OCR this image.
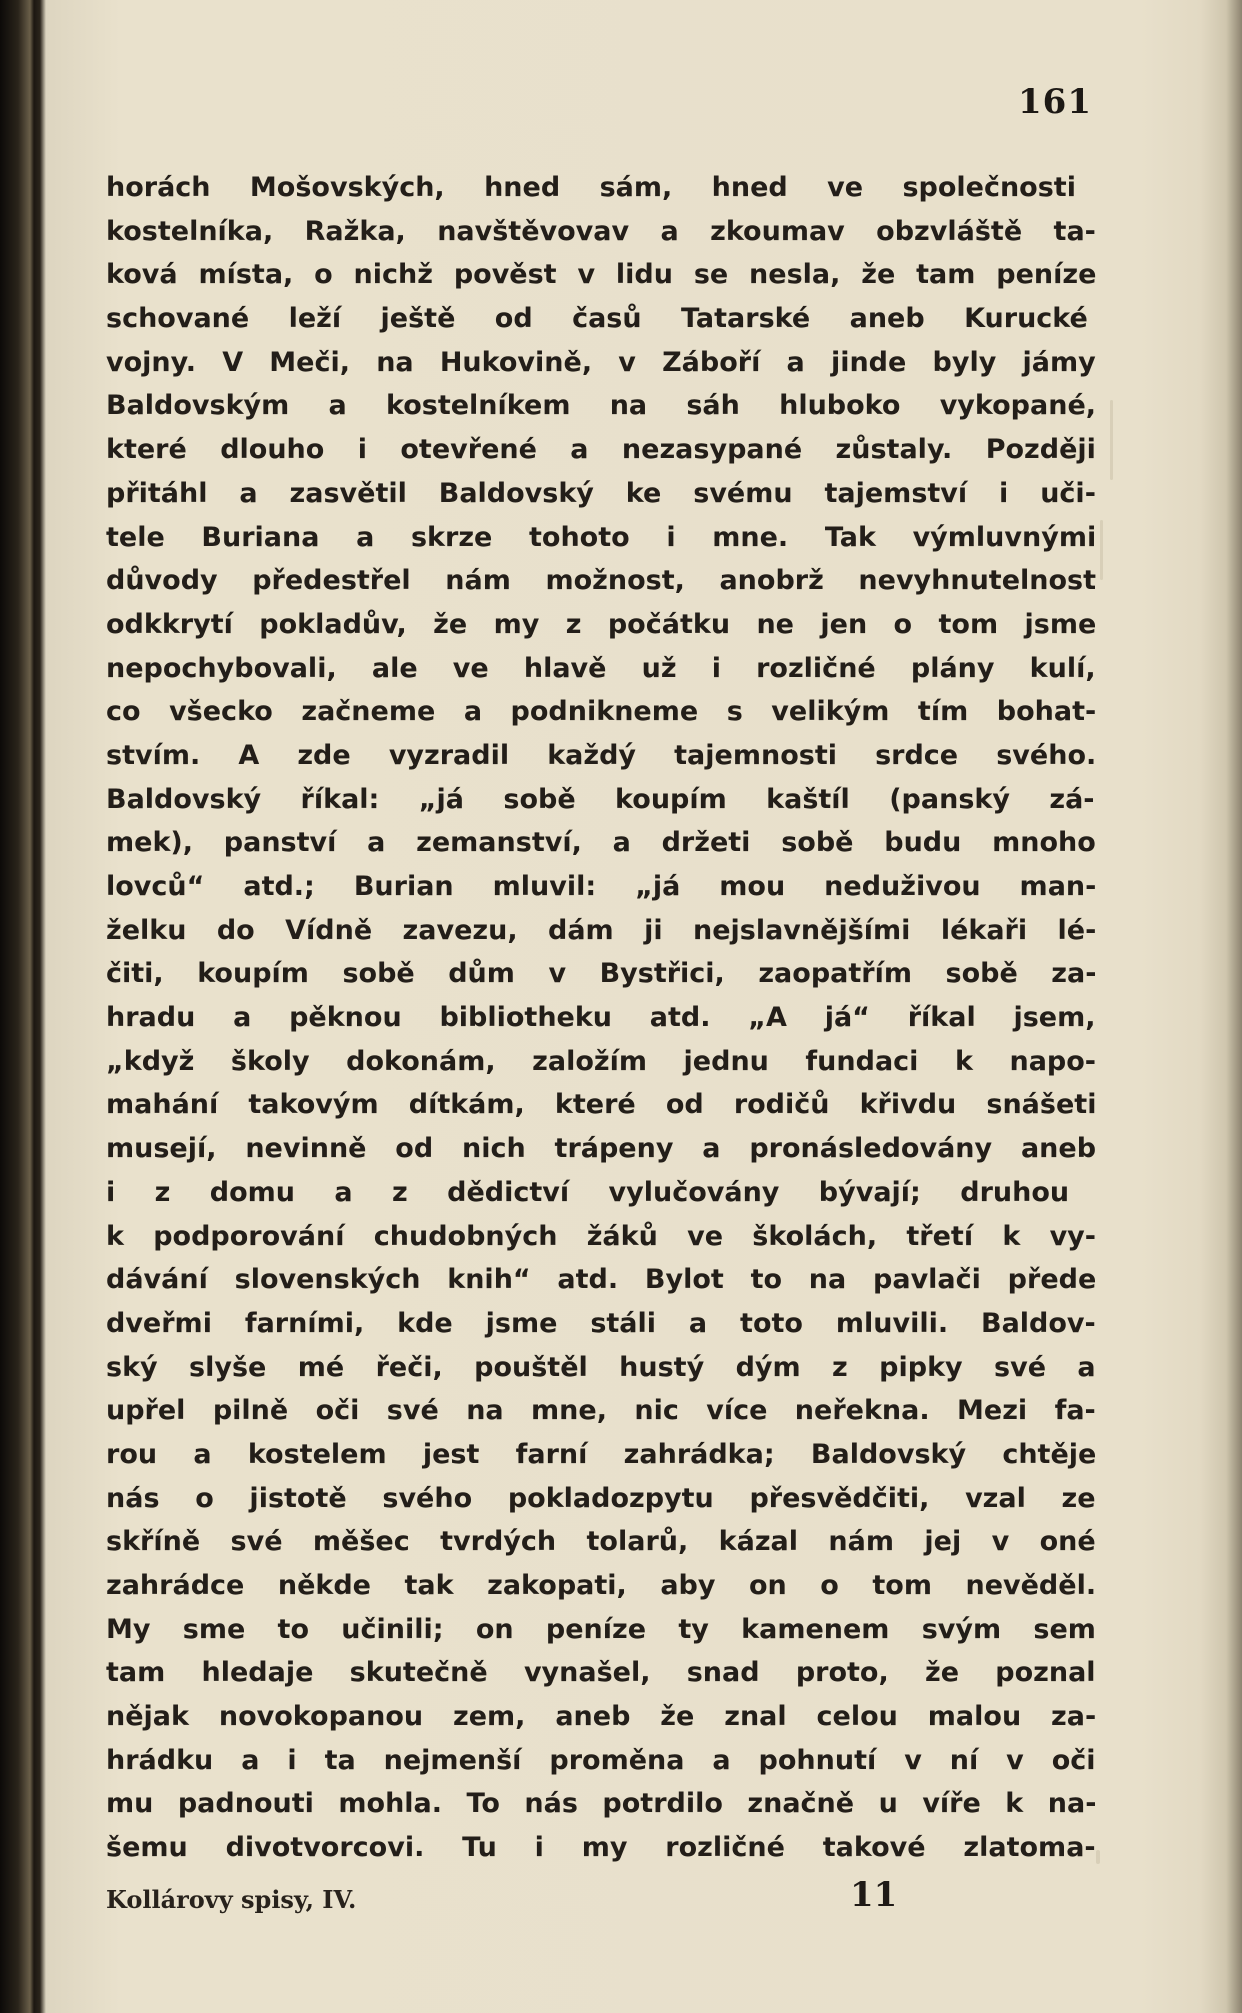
161
horách Mošovských, hned sám, hned ve společnosti
kostelníka, Ražka, navštěvovav a zkoumav obzvláště ta-
ková místa, o nichž pověst v lidu se nesla, že tam peníze
schované leží ještě od časů Tatarské aneb Kurucké
vojny. V Meči, na Hukovině, v Záboří a jinde byly jámy
Baldovským a kostelníkem na sáh hluboko vykopané,
které dlouho i otevřené a nezasypané zůstaly. Později
přitáhl a zasvětil Baldovský ke svému tajemství i uči-
tele Buriana a skrze tohoto i mne. Tak výmluvnými
důvody předestřel nám možnost, anobrž nevyhnutelnost
odkkrytí pokladův, že my z počátku ne jen o tom jsme
nepochybovali, ale ve hlavě už i rozličné plány kulí,
co všecko začneme a podnikneme s velikým tím bohat-
stvím. A zde vyzradil každý tajemnosti srdce svého.
Baldovský říkal: „já sobě koupím kaštíl (panský zá-
mek), panství a zemanství, a držeti sobě budu mnoho
lovců“ atd.; Burian mluvil: „já mou neduživou man-
želku do Vídně zavezu, dám ji nejslavnějšími lékaři lé-
čiti, koupím sobě dům v Bystřici, zaopatřím sobě za-
hradu a pěknou bibliotheku atd. „A já“ říkal jsem,
„když školy dokonám, založím jednu fundaci k napo-
mahání takovým dítkám, které od rodičů křivdu snášeti
musejí, nevinně od nich trápeny a pronásledovány aneb
i z domu a z dědictví vylučovány bývají; druhou
k podporování chudobných žáků ve školách, třetí k vy-
dávání slovenských knih“ atd. Bylot to na pavlači přede
dveřmi farními, kde jsme stáli a toto mluvili. Baldov-
ský slyše mé řeči, pouštěl hustý dým z pipky své a
upřel pilně oči své na mne, nic více neřekna. Mezi fa-
rou a kostelem jest farní zahrádka; Baldovský chtěje
nás o jistotě svého pokladozpytu přesvědčiti, vzal ze
skříně své měšec tvrdých tolarů, kázal nám jej v oné
zahrádce někde tak zakopati, aby on o tom nevěděl.
My sme to učinili; on peníze ty kamenem svým sem
tam hledaje skutečně vynašel, snad proto, že poznal
nějak novokopanou zem, aneb že znal celou malou za-
hrádku a i ta nejmenší proměna a pohnutí v ní v oči
mu padnouti mohla. To nás potrdilo značně u víře k na-
šemu divotvorcovi. Tu i my rozličné takové zlatoma-
Kollárovy spisy, IV.	11
